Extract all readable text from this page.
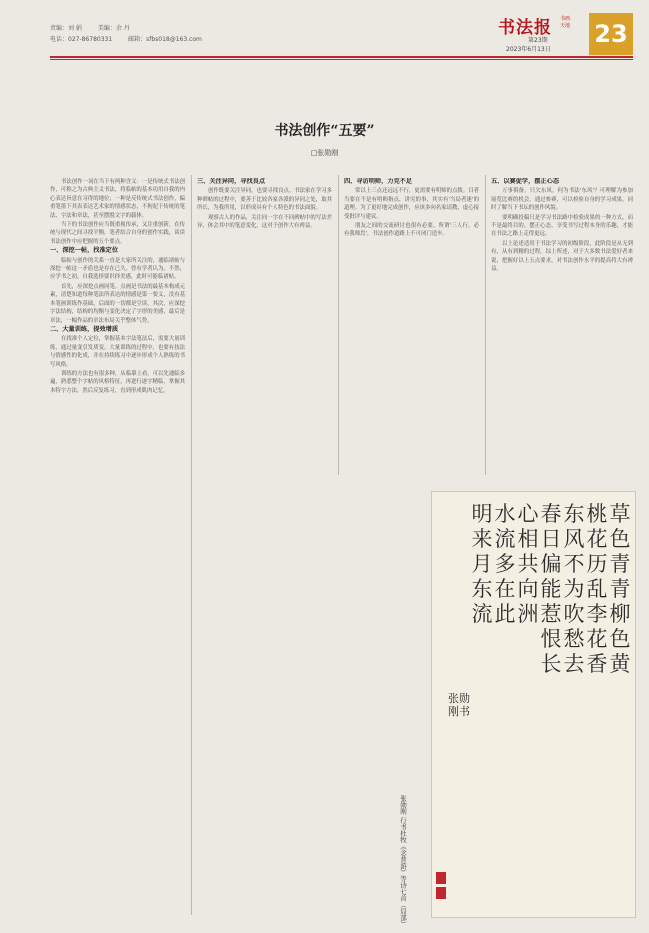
责编：刘 娟	美编：余 丹
电话：027-86780331	邮箱：sfbs018@163.com
书法报 书画天地
第23期
2023年6月13日
23
书法创作“五要”
□张勋刚

书法创作一词在当下有两种含义：一是传统式书法创作，可称之为古典主义书法，将临帖的基本功用自我的内心表达旨意在习得的地位；一种是反传统式书法创作，偏重笔墨下其表表达艺术家的情感状态，不拘泥于传统的笔法、字法和章法，甚至摆脱文字的载体。

当下的书法创作应当既重视传承，又注重创新，在传统与现代之间寻找平衡，笔者结合自身的创作实践，谈谈书法创作中应把握的五个要点。

一、深挖一帖，找准定位

临帖与创作的关系一直是大家所关注的，通临诸帖与深挖一帖这一矛盾也是存在已久。曾有学者认为，不然，应学书之初，自我选择要识择美感，此时可能临诸帖。

首先，应深挖点画同笔。点画是书法的最基本构成元素，清楚知道每种笔法所表达的情感是第一要义，没有基本笔画训练作基础，后面的一切都是空谈。其次，应深挖字法结构，结构的均衡与变化决定了字形的美感，最后是章法，一幅作品的章法布局关乎整体气势。

二、大量训练，提效增质

在找准个人定位，掌握基本字法笔法后，需要大量训练，通过量变引发质变。大量训练的过程中，也要有技法与情感性的化成，并在持续练习中逐步形成个人熟练的书写风格。

训练的方法也有很多种，从临摹上看，可以先通临多遍，熟悉整个字帖的风格特征，再进行逐字精临，掌握其本特字方法，然后反复练习，直到形成肌肉记忆。

三、关注异同，寻找良点

创作既要关注异同，也要寻找良点。书法家在学习多种碑帖的过程中，要善于比较各家各派的异同之处，取其所长，为我所用，以形成具有个人特色的书法面貌。

观察古人的作品，关注同一字在不同碑帖中的写法差异，体会其中的笔意变化，这对于创作大有裨益。

四、寻访明师，力克不足

常以上三点还远远不行，更需要有明师的点拨。目者当要在不是有明师指点，讲究的事，其实有'当局者迷'的道理。为了更好地完成创作，应该多向名家请教，虚心接受批评与建议。

朋友之间的交流研讨也很有必要，所谓'三人行，必有我师焉'，书法创作道路上不可闭门造车。

五、以赛促学，摆正心态

万事俱备，只欠东风。何为书法'东风'？可理解为参加展览比赛的机会。通过参赛，可以检验自身的学习成果，同时了解当下书坛的创作风貌。

要明确投稿只是学习书法路中检验成果的一种方式，而不是最终目的。摆正心态，享受书写过程本身的乐趣，才能在书法之路上走得更远。

以上论述适用于书法学习的初级阶段，此阶段是从无到有，从有到精的过程。综上所述，对于大多数书法爱好者来说，把握好以上五点要求，对书法创作水平的提高将大有裨益。

草色青青柳色黄
桃花历乱李花香
东风不为吹愁去
春日偏能惹恨长
心相共向洲
水流多在此
明来月东流
张勋刚书
张勋刚 行书杜牧《念昔游》等诗七首（局部）
